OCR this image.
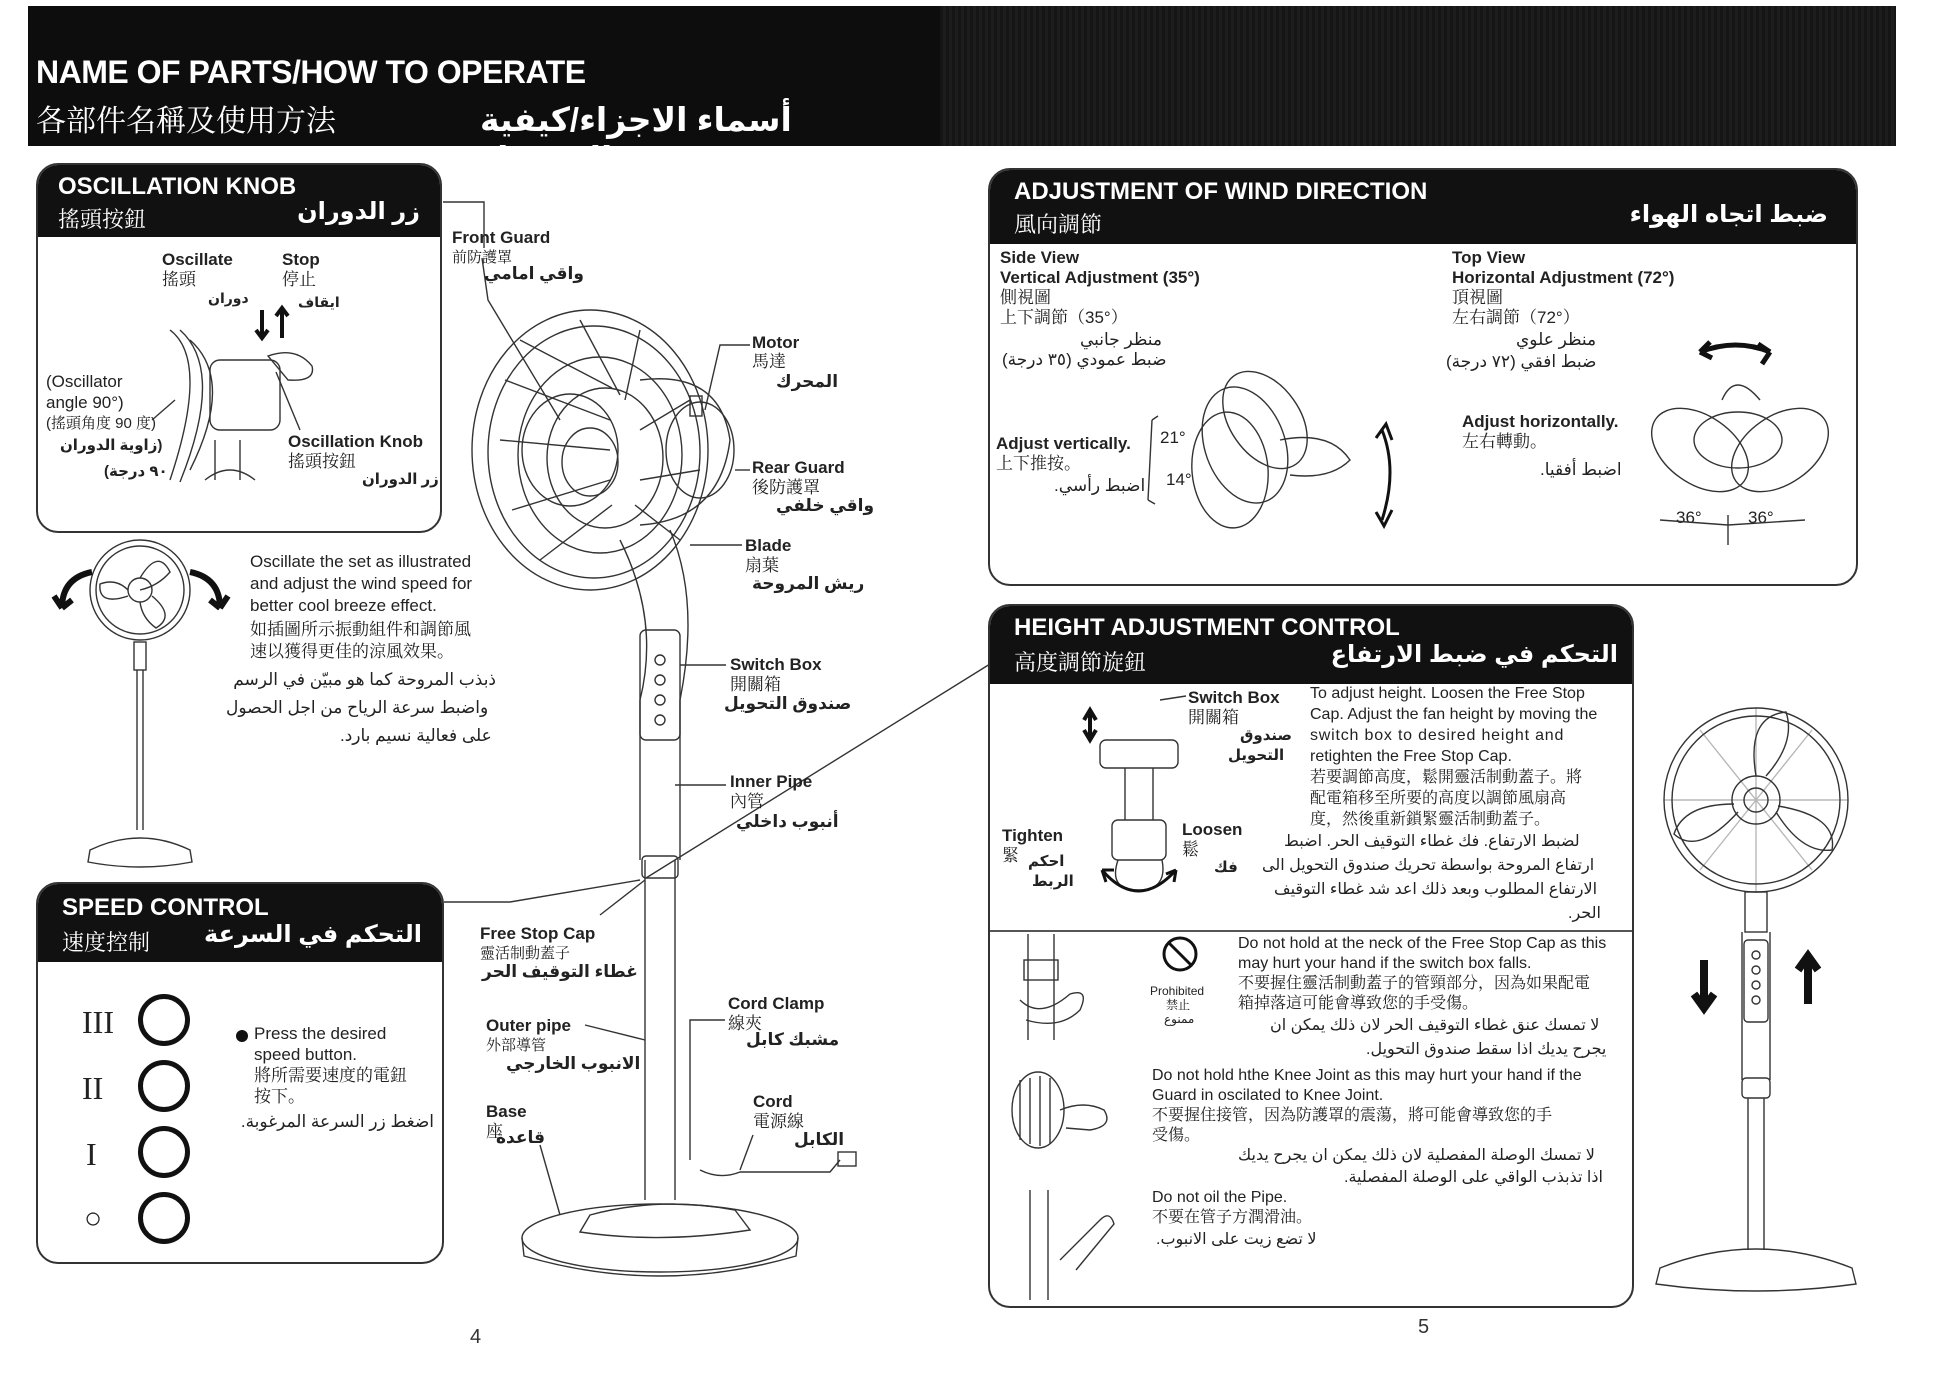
NAME OF PARTS/HOW TO OPERATE
各部件名稱及使用方法	أسماء الاجزاء/كيفية التشغيل
OSCILLATION KNOB
搖頭按鈕	زر الدوران
Oscillate
搖頭
دوران
Stop
停止
ايقاف
(Oscillator
angle 90°)
(搖頭角度 90 度)
(زاوية الدوران
٩٠ درجة)
Oscillation Knob
搖頭按鈕
زر الدوران
Oscillate the set as illustrated
and adjust the wind speed for
better cool breeze effect.
如插圖所示振動組件和調節風
速以獲得更佳的涼風效果。
ذبذب المروحة كما هو مبيّن في الرسم
واضبط سرعة الرياح من اجل الحصول
على فعالية نسيم بارد.
SPEED CONTROL
速度控制 التحكم في السرعة
III
II
I
○
Press the desired
speed button.
將所需要速度的電鈕
按下。
اضغط زر السرعة المرغوبة.
Front Guard
前防護罩
واقي امامي
Motor
馬達
المحرك
Rear Guard
後防護罩
واقي خلفي
Blade
扇葉
ريش المروحة
Switch Box
開關箱
صندوق التحويل
Inner Pipe
內管
أنبوب داخلي
Free Stop Cap
靈活制動蓋子
غطاء التوقيف الحر
Outer pipe
外部導管
الانبوب الخارجي
Base
座
قاعدة
Cord Clamp
線夾
مشبك كابل
Cord
電源線
الكابل
ADJUSTMENT OF WIND DIRECTION
風向調節	ضبط اتجاه الهواء
Side View
Vertical Adjustment (35°)
側視圖
上下調節（35°）
منظر جانبي
ضبط عمودي (٣٥ درجة)
Top View
Horizontal Adjustment (72°)
頂視圖
左右調節（72°）
منظر علوي
ضبط افقي (٧٢ درجة)
Adjust vertically.
上下推按。
اضبط رأسي.
21°
14°
Adjust horizontally.
左右轉動。
اضبط أفقيا.
36°	36°
HEIGHT ADJUSTMENT CONTROL
高度調節旋鈕	التحكم في ضبط الارتفاع
Switch Box
開關箱
صندوق
التحويل
Tighten
緊 احكم
الربط
Loosen
鬆
فك
To adjust height. Loosen the Free Stop
Cap. Adjust the fan height by moving the
switch box to desired height and
retighten the Free Stop Cap.
若要調節高度，鬆開靈活制動蓋子。將
配電箱移至所要的高度以調節風扇高
度，然後重新鎖緊靈活制動蓋子。
لضبط الارتفاع. فك غطاء التوقيف الحر. اضبط
ارتفاع المروحة بواسطة تحريك صندوق التحويل الى
الارتفاع المطلوب وبعد ذلك اعد شد غطاء التوقيف
الحر.
Prohibited
禁止
ممنوع
Do not hold at the neck of the Free Stop Cap as this
may hurt your hand if the switch box falls.
不要握住靈活制動蓋子的管頸部分，因為如果配電
箱掉落這可能會導致您的手受傷。
لا تمسك عنق غطاء التوقيف الحر لان ذلك يمكن ان
يجرح يديك اذا سقط صندوق التحويل.
Do not hold hthe Knee Joint as this may hurt your hand if the
Guard in oscilated to Knee Joint.
不要握住接管，因為防護罩的震蕩，將可能會導致您的手
受傷。
لا تمسك الوصلة المفصلية لان ذلك يمكن ان يجرح يديك
اذا تذبذب الواقي على الوصلة المفصلية.
Do not oil the Pipe.
不要在管子方潤滑油。
لا تضع زيت على الانبوب.
4	5
